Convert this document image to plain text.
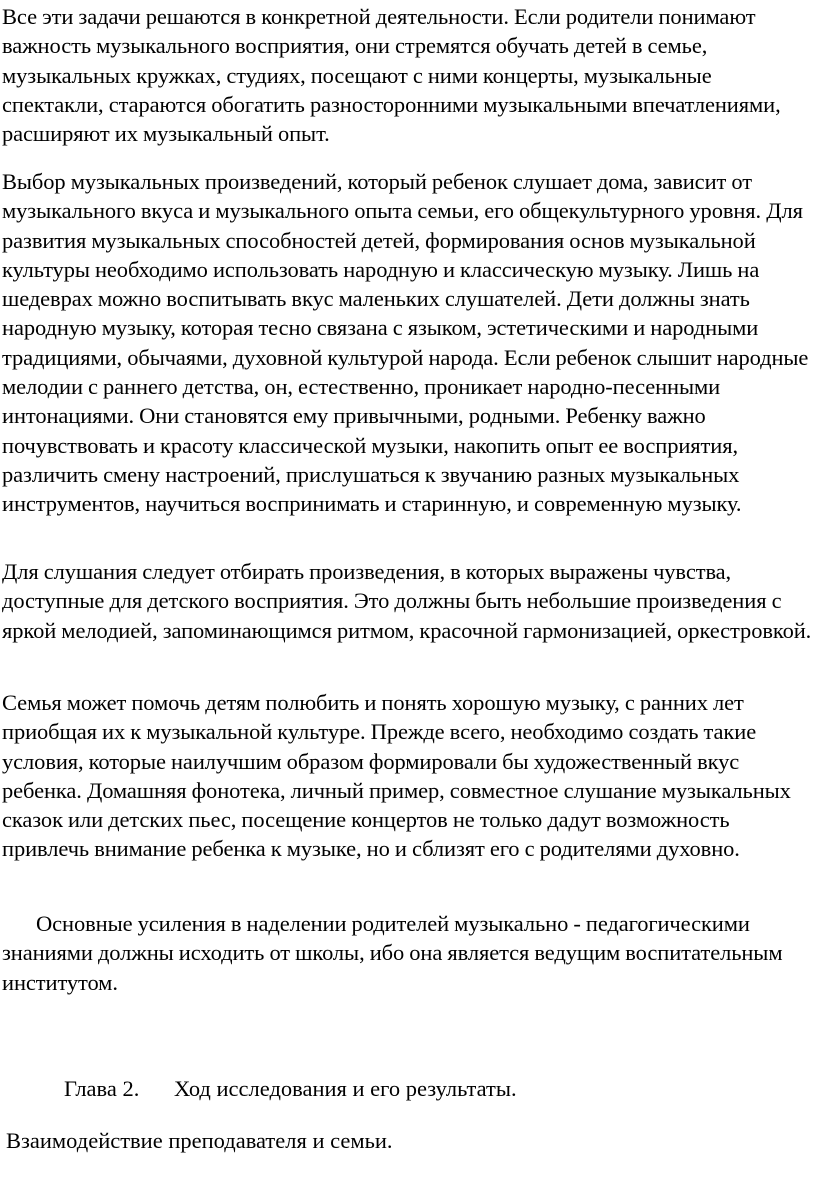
Все эти задачи решаются в конкретной деятельности. Если родители понимают важность музыкального восприятия, они стремятся обучать детей в семье, музыкальных кружках, студиях, посещают с ними концерты, музыкальные спектакли, стараются обогатить разносторонними музыкальными впечатлениями, расширяют их музыкальный опыт.

Выбор музыкальных произведений, который ребенок слушает дома, зависит от музыкального вкуса и музыкального опыта семьи, его общекультурного уровня. Для развития музыкальных способностей детей, формирования основ музыкальной культуры необходимо использовать народную и классическую музыку. Лишь на шедеврах можно воспитывать вкус маленьких слушателей. Дети должны знать народную музыку, которая тесно связана с языком, эстетическими и народными традициями, обычаями, духовной культурой народа. Если ребенок слышит народные мелодии с раннего детства, он, естественно, проникает народно-песенными интонациями. Они становятся ему привычными, родными. Ребенку важно почувствовать и красоту классической музыки, накопить опыт ее восприятия, различить смену настроений, прислушаться к звучанию разных музыкальных инструментов, научиться воспринимать и старинную, и современную музыку.

Для слушания следует отбирать произведения, в которых выражены чувства, доступные для детского восприятия. Это должны быть небольшие произведения с яркой мелодией, запоминающимся ритмом, красочной гармонизацией, оркестровкой.

Семья может помочь детям полюбить и понять хорошую музыку, с ранних лет приобщая их к музыкальной культуре. Прежде всего, необходимо создать такие условия, которые наилучшим образом формировали бы художественный вкус ребенка. Домашняя фонотека, личный пример, совместное слушание музыкальных сказок или детских пьес, посещение концертов не только дадут возможность привлечь внимание ребенка к музыке, но и сблизят его с родителями духовно.

Основные усиления в наделении родителей музыкально - педагогическими знаниями должны исходить от школы, ибо она является ведущим воспитательным институтом.

Глава 2. Ход исследования и его результаты.
Взаимодействие преподавателя и семьи.
